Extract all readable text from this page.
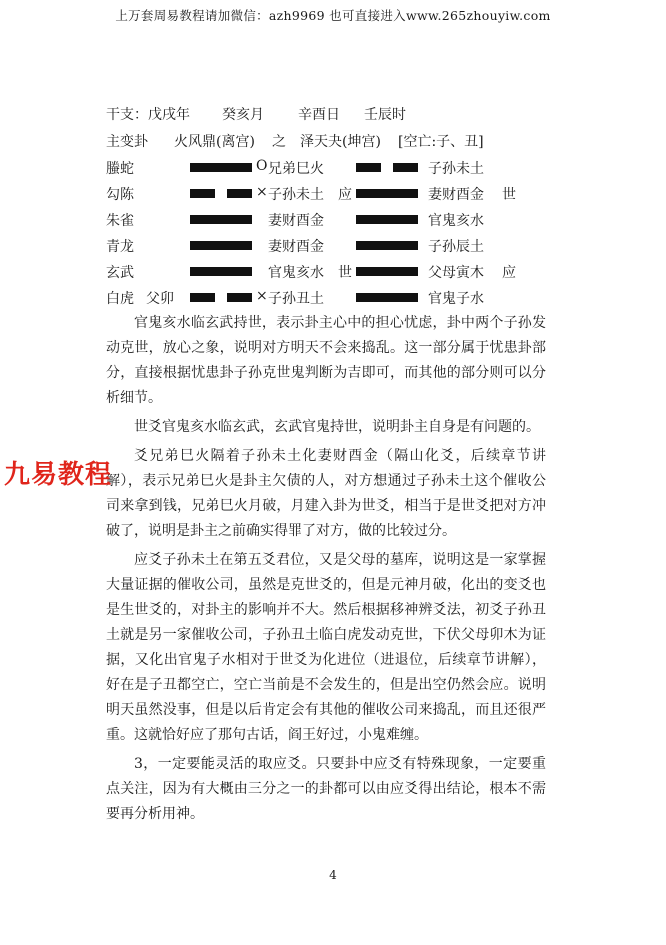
上万套周易教程请加微信：azh9969 也可直接进入www.265zhouyiw.com
干支：戊戌年 癸亥月 辛酉日 壬辰时
主变卦 火风鼎(离宫) 之 泽天夬(坤宫) [空亡:子、丑]
螣蛇	O 兄弟巳火	子孙未土
勾陈	× 子孙未土 应	妻财酉金 世
朱雀	妻财酉金	官鬼亥水
青龙	妻财酉金	子孙辰土
玄武	官鬼亥水 世	父母寅木 应
白虎 父卯	× 子孙丑土	官鬼子水

官鬼亥水临玄武持世，表示卦主心中的担心忧虑，卦中两个子孙发动克世，放心之象，说明对方明天不会来捣乱。这一部分属于忧患卦部分，直接根据忧患卦子孙克世鬼判断为吉即可，而其他的部分则可以分析细节。

世爻官鬼亥水临玄武，玄武官鬼持世，说明卦主自身是有问题的。

爻兄弟巳火隔着子孙未土化妻财酉金（隔山化爻，后续章节讲解），表示兄弟巳火是卦主欠债的人，对方想通过子孙未土这个催收公司来拿到钱，兄弟巳火月破，月建入卦为世爻，相当于是世爻把对方冲破了，说明是卦主之前确实得罪了对方，做的比较过分。

应爻子孙未土在第五爻君位，又是父母的墓库，说明这是一家掌握大量证据的催收公司，虽然是克世爻的，但是元神月破，化出的变爻也是生世爻的，对卦主的影响并不大。然后根据移神辨爻法，初爻子孙丑土就是另一家催收公司，子孙丑土临白虎发动克世，下伏父母卯木为证据，又化出官鬼子水相对于世爻为化进位（进退位，后续章节讲解），好在是子丑都空亡，空亡当前是不会发生的，但是出空仍然会应。说明明天虽然没事，但是以后肯定会有其他的催收公司来捣乱，而且还很严重。这就恰好应了那句古话，阎王好过，小鬼难缠。

3，一定要能灵活的取应爻。只要卦中应爻有特殊现象，一定要重点关注，因为有大概由三分之一的卦都可以由应爻得出结论，根本不需要再分析用神。

九易教程
4
